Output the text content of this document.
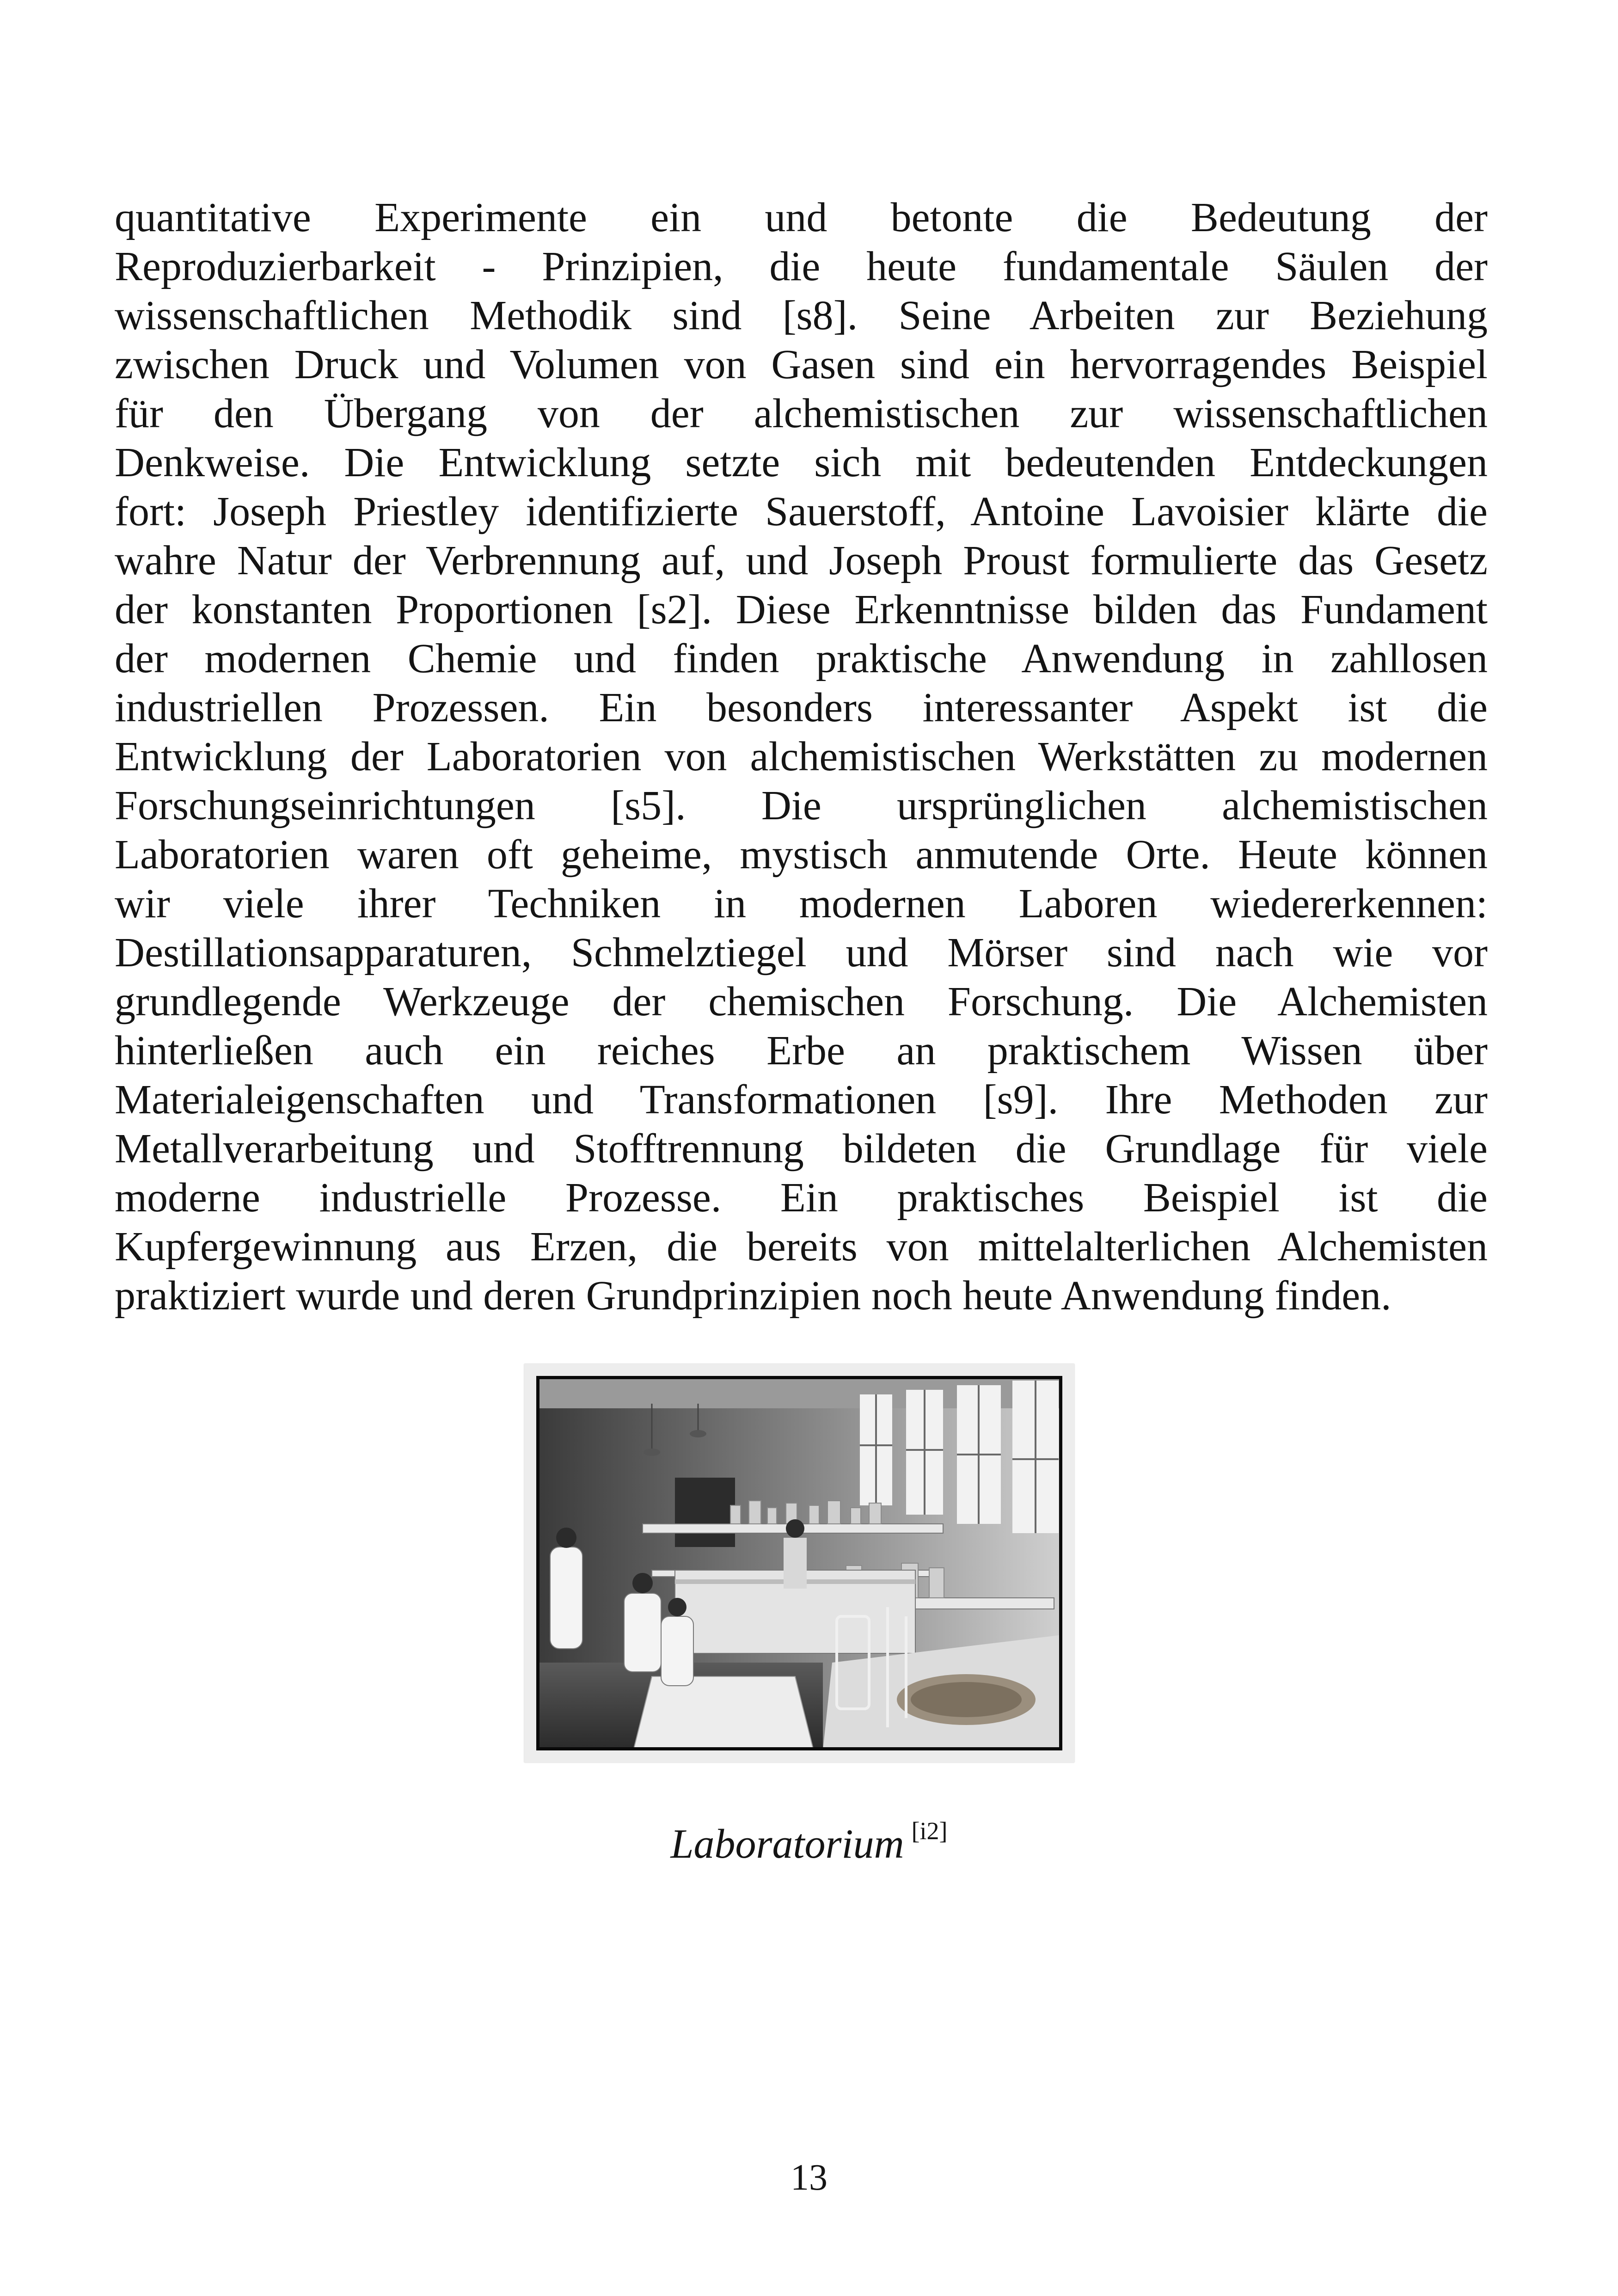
quantitative Experimente ein und betonte die Bedeutung der
Reproduzierbarkeit - Prinzipien, die heute fundamentale Säulen der
wissenschaftlichen Methodik sind [s8]. Seine Arbeiten zur Beziehung
zwischen Druck und Volumen von Gasen sind ein hervorragendes Beispiel
für den Übergang von der alchemistischen zur wissenschaftlichen
Denkweise. Die Entwicklung setzte sich mit bedeutenden Entdeckungen
fort: Joseph Priestley identifizierte Sauerstoff, Antoine Lavoisier klärte die
wahre Natur der Verbrennung auf, und Joseph Proust formulierte das Gesetz
der konstanten Proportionen [s2]. Diese Erkenntnisse bilden das Fundament
der modernen Chemie und finden praktische Anwendung in zahllosen
industriellen Prozessen. Ein besonders interessanter Aspekt ist die
Entwicklung der Laboratorien von alchemistischen Werkstätten zu modernen
Forschungseinrichtungen [s5]. Die ursprünglichen alchemistischen
Laboratorien waren oft geheime, mystisch anmutende Orte. Heute können
wir viele ihrer Techniken in modernen Laboren wiedererkennen:
Destillationsapparaturen, Schmelztiegel und Mörser sind nach wie vor
grundlegende Werkzeuge der chemischen Forschung. Die Alchemisten
hinterließen auch ein reiches Erbe an praktischem Wissen über
Materialeigenschaften und Transformationen [s9]. Ihre Methoden zur
Metallverarbeitung und Stofftrennung bildeten die Grundlage für viele
moderne industrielle Prozesse. Ein praktisches Beispiel ist die
Kupfergewinnung aus Erzen, die bereits von mittelalterlichen Alchemisten
praktiziert wurde und deren Grundprinzipien noch heute Anwendung finden.
Laboratorium [i2]
13
